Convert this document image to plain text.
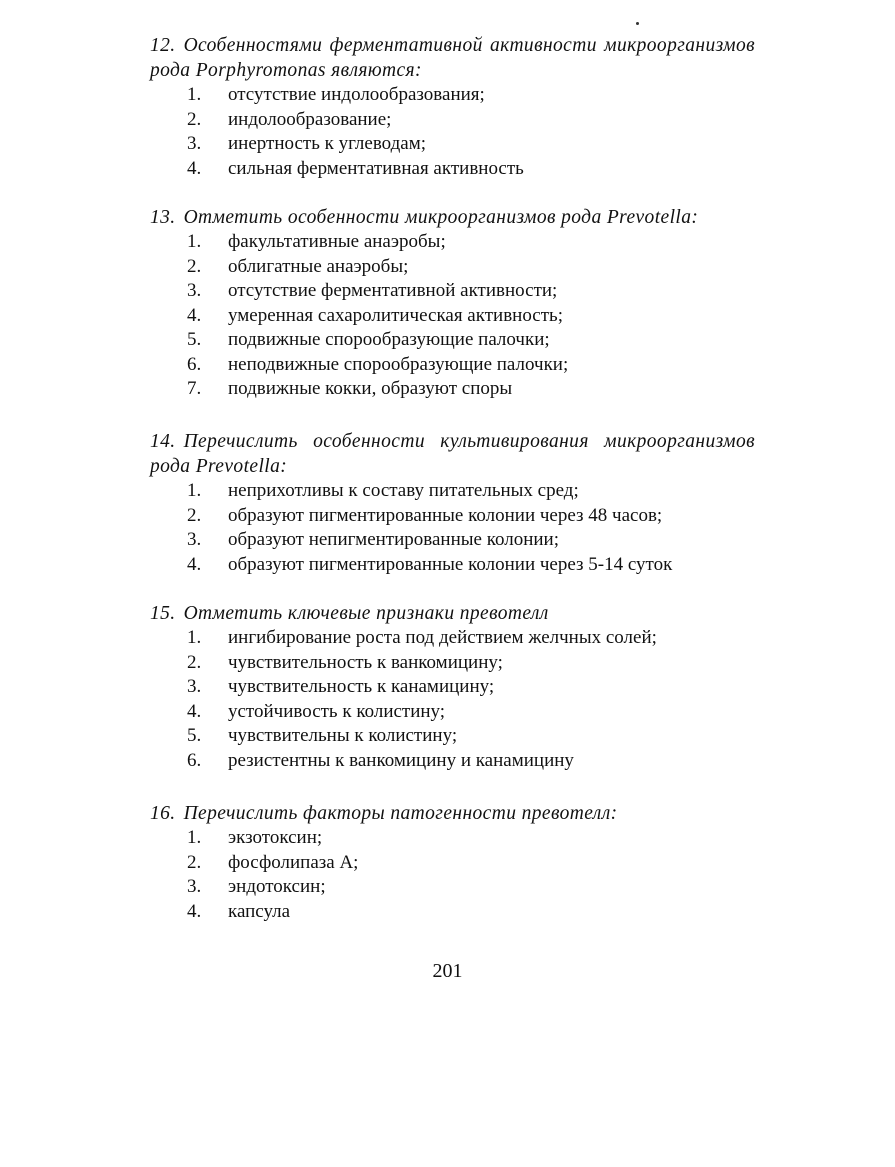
12. Особенностями ферментативной активности микроорганизмов рода Porphyromonas являются:

1.	отсутствие индолообразования;
2.	индолообразование;
3.	инертность к углеводам;
4.	сильная ферментативная активность

13. Отметить особенности микроорганизмов рода Prevotella:

1.	факультативные анаэробы;
2.	облигатные анаэробы;
3.	отсутствие ферментативной активности;
4.	умеренная сахаролитическая активность;
5.	подвижные спорообразующие палочки;
6.	неподвижные спорообразующие палочки;
7.	подвижные кокки, образуют споры

14. Перечислить особенности культивирования микроорганизмов рода Prevotella:

1.	неприхотливы к составу питательных сред;
2.	образуют пигментированные колонии через 48 часов;
3.	образуют непигментированные колонии;
4.	образуют пигментированные колонии через 5-14 суток

15. Отметить ключевые признаки превотелл

1.	ингибирование роста под действием желчных солей;
2.	чувствительность к ванкомицину;
3.	чувствительность к канамицину;
4.	устойчивость к колистину;
5.	чувствительны к колистину;
6.	резистентны к ванкомицину и канамицину

16. Перечислить факторы патогенности превотелл:

1.	экзотоксин;
2.	фосфолипаза А;
3.	эндотоксин;
4.	капсула
201
